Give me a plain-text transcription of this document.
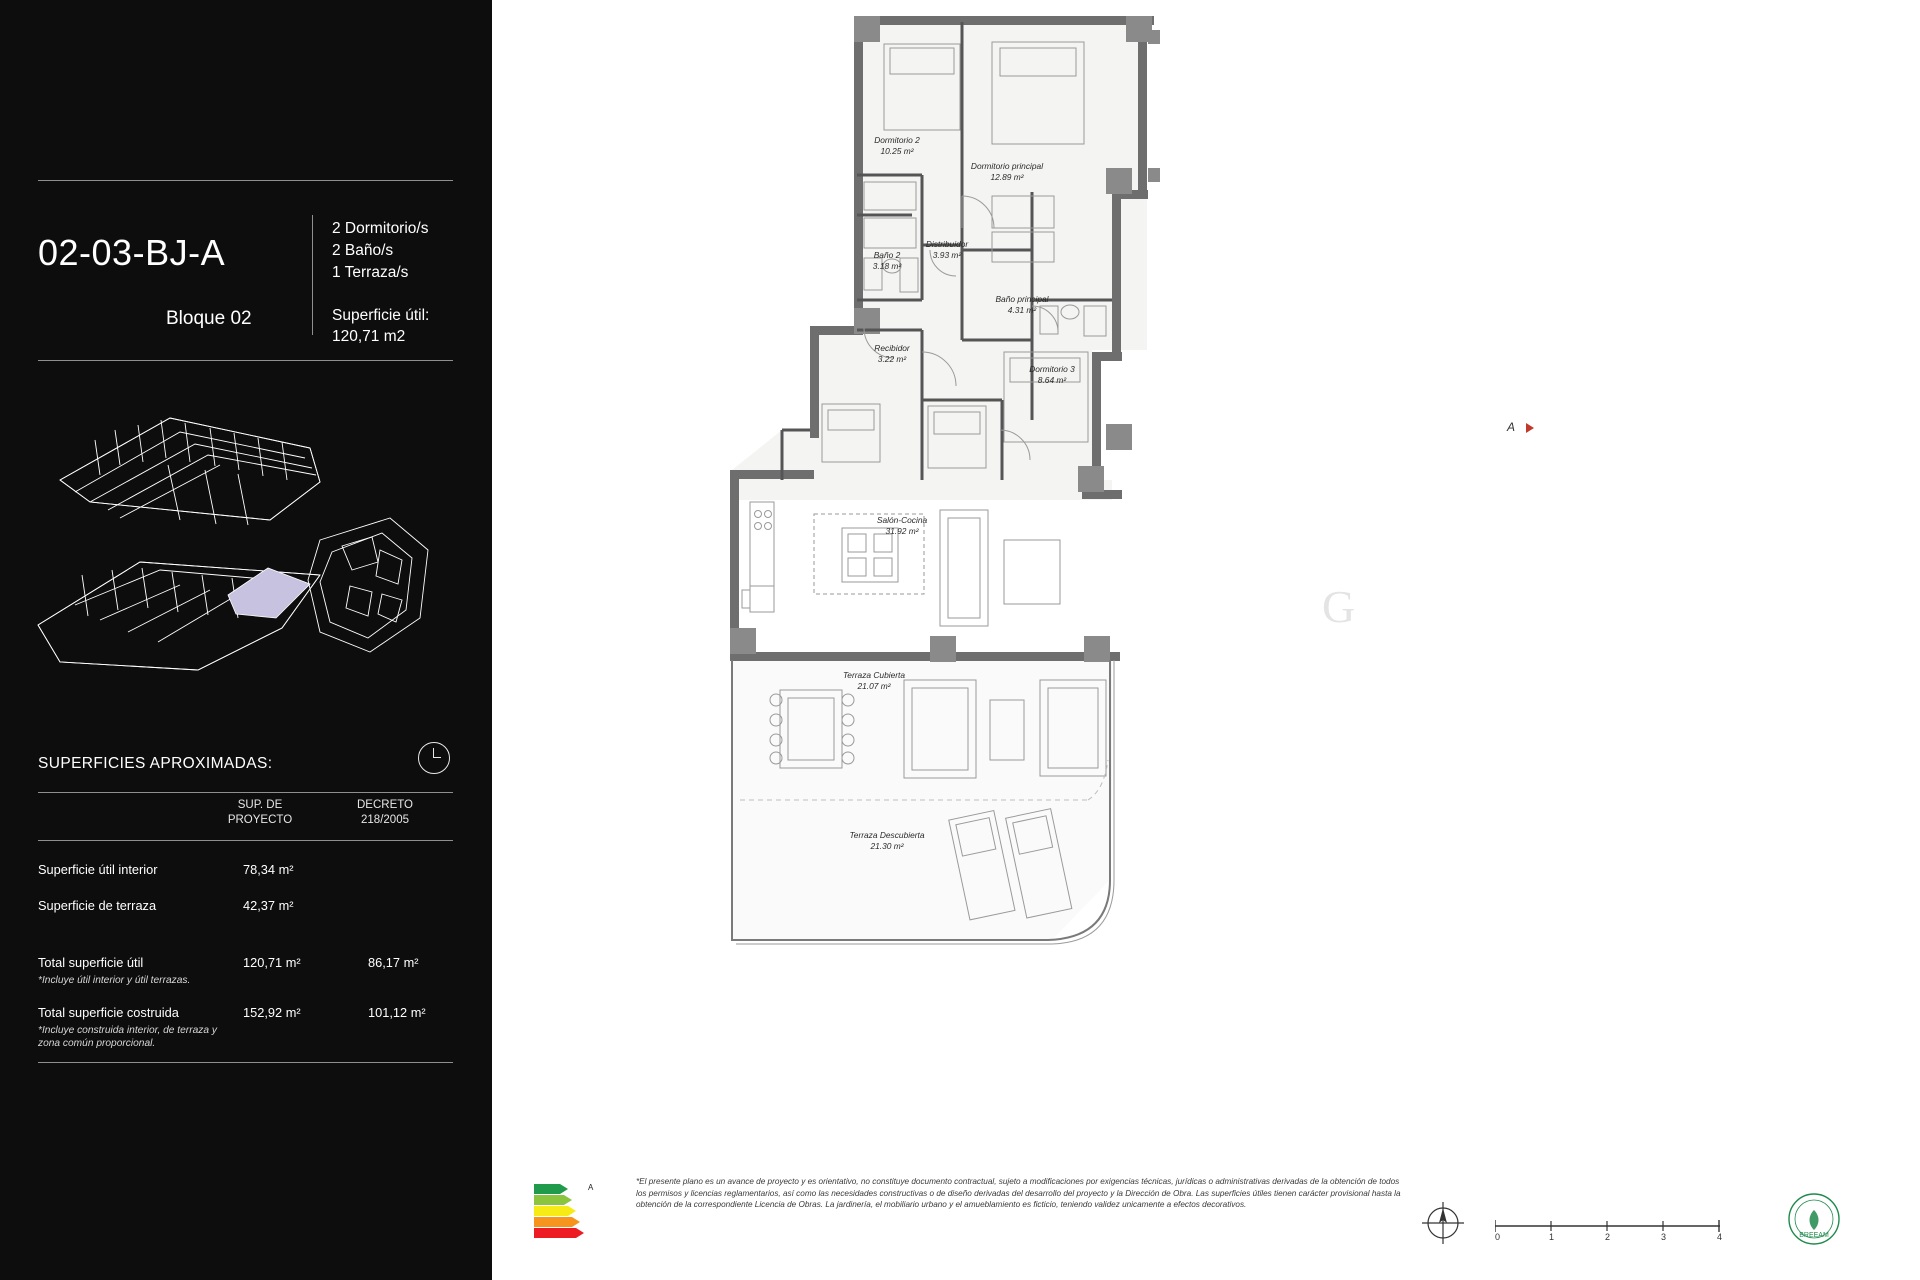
02-03-BJ-A
Bloque 02
2 Dormitorio/s
2 Baño/s
1 Terraza/s
Superficie útil:
120,71 m2
SUPERFICIES APROXIMADAS:
SUP. DE
PROYECTO
DECRETO
218/2005
Superficie útil interior	78,34 m²
Superficie de terraza	42,37 m²
Total superficie útil	120,71 m²	86,17 m²
*Incluye útil interior y útil terrazas.
Total superficie costruida	152,92 m²	101,12 m²
*Incluye construida interior, de terraza y zona común proporcional.
G
A
Dormitorio 2
10.25 m²
Dormitorio principal
12.89 m²
Distribuidor
3.93 m²
Baño 2
3.18 m²
Baño principal
4.31 m²
Recibidor
3.22 m²
Dormitorio 3
8.64 m²
Salón-Cocina
31.92 m²
Terraza Cubierta
21.07 m²
Terraza Descubierta
21.30 m²
A
*El presente plano es un avance de proyecto y es orientativo, no constituye documento contractual, sujeto a modificaciones por exigencias técnicas, jurídicas o administrativas derivadas de la obtención de todos los permisos y licencias reglamentarios, así como las necesidades constructivas o de diseño derivadas del desarrollo del proyecto y la Dirección de Obra. Las superficies útiles tienen carácter provisional hasta la obtención de la correspondiente Licencia de Obras. La jardinería, el mobiliario urbano y el amueblamiento es ficticio, teniendo validez unicamente a efectos decorativos.
0	1	2	3	4	BREEAM
